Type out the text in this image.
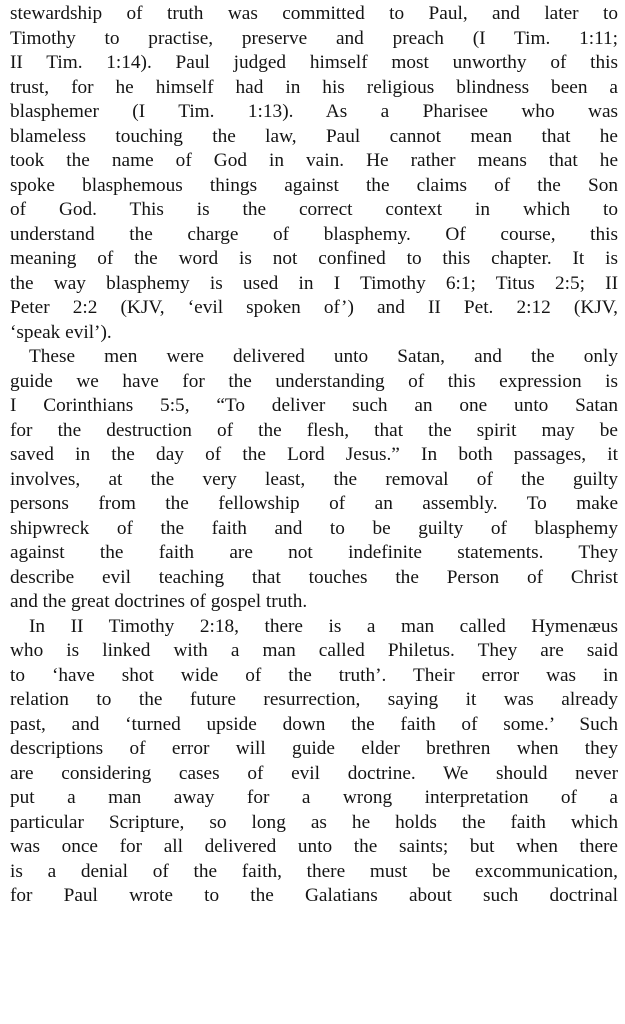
stewardship of truth was committed to Paul, and later to
Timothy to practise, preserve and preach (I Tim. 1:11;
II Tim. 1:14). Paul judged himself most unworthy of this
trust, for he himself had in his religious blindness been a
blasphemer (I Tim. 1:13). As a Pharisee who was
blameless touching the law, Paul cannot mean that he
took the name of God in vain. He rather means that he
spoke blasphemous things against the claims of the Son
of God. This is the correct context in which to
understand the charge of blasphemy. Of course, this
meaning of the word is not confined to this chapter. It is
the way blasphemy is used in I Timothy 6:1; Titus 2:5; II
Peter 2:2 (KJV, ‘evil spoken of’) and II Pet. 2:12 (KJV,
‘speak evil’).
These men were delivered unto Satan, and the only
guide we have for the understanding of this expression is
I Corinthians 5:5, “To deliver such an one unto Satan
for the destruction of the flesh, that the spirit may be
saved in the day of the Lord Jesus.” In both passages, it
involves, at the very least, the removal of the guilty
persons from the fellowship of an assembly. To make
shipwreck of the faith and to be guilty of blasphemy
against the faith are not indefinite statements. They
describe evil teaching that touches the Person of Christ
and the great doctrines of gospel truth.
In II Timothy 2:18, there is a man called Hymenæus
who is linked with a man called Philetus. They are said
to ‘have shot wide of the truth’. Their error was in
relation to the future resurrection, saying it was already
past, and ‘turned upside down the faith of some.’ Such
descriptions of error will guide elder brethren when they
are considering cases of evil doctrine. We should never
put a man away for a wrong interpretation of a
particular Scripture, so long as he holds the faith which
was once for all delivered unto the saints; but when there
is a denial of the faith, there must be excommunication,
for Paul wrote to the Galatians about such doctrinal
